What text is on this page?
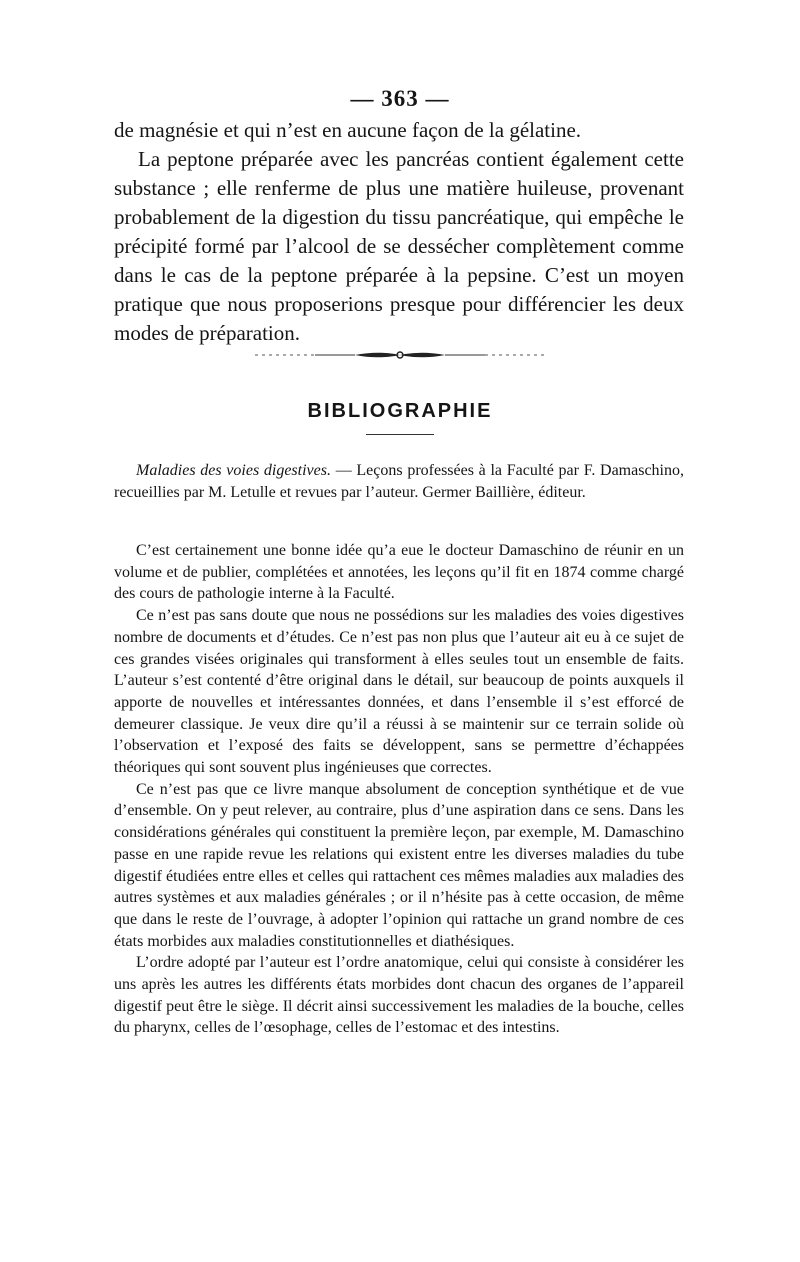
— 363 —

de magnésie et qui n’est en aucune façon de la gélatine.

La peptone préparée avec les pancréas contient également cette substance ; elle renferme de plus une matière huileuse, provenant probablement de la digestion du tissu pancréatique, qui empêche le précipité formé par l’alcool de se dessécher complètement comme dans le cas de la peptone préparée à la pepsine. C’est un moyen pratique que nous proposerions presque pour différencier les deux modes de préparation.

BIBLIOGRAPHIE
Maladies des voies digestives. — Leçons professées à la Faculté par F. Damaschino, recueillies par M. Letulle et revues par l’auteur. Germer Baillière, éditeur.

C’est certainement une bonne idée qu’a eue le docteur Damaschino de réunir en un volume et de publier, complétées et annotées, les leçons qu’il fit en 1874 comme chargé des cours de pathologie interne à la Faculté.

Ce n’est pas sans doute que nous ne possédions sur les maladies des voies digestives nombre de documents et d’études. Ce n’est pas non plus que l’auteur ait eu à ce sujet de ces grandes visées originales qui transforment à elles seules tout un ensemble de faits. L’auteur s’est contenté d’être original dans le détail, sur beaucoup de points auxquels il apporte de nouvelles et intéressantes données, et dans l’ensemble il s’est efforcé de demeurer classique. Je veux dire qu’il a réussi à se maintenir sur ce terrain solide où l’observation et l’exposé des faits se développent, sans se permettre d’échappées théoriques qui sont souvent plus ingénieuses que correctes.

Ce n’est pas que ce livre manque absolument de conception synthétique et de vue d’ensemble. On y peut relever, au contraire, plus d’une aspiration dans ce sens. Dans les considérations générales qui constituent la première leçon, par exemple, M. Damaschino passe en une rapide revue les relations qui existent entre les diverses maladies du tube digestif étudiées entre elles et celles qui rattachent ces mêmes maladies aux maladies des autres systèmes et aux maladies générales ; or il n’hésite pas à cette occasion, de même que dans le reste de l’ouvrage, à adopter l’opinion qui rattache un grand nombre de ces états morbides aux maladies constitutionnelles et diathésiques.

L’ordre adopté par l’auteur est l’ordre anatomique, celui qui consiste à considérer les uns après les autres les différents états morbides dont chacun des organes de l’appareil digestif peut être le siège. Il décrit ainsi successivement les maladies de la bouche, celles du pharynx, celles de l’œsophage, celles de l’estomac et des intestins.
